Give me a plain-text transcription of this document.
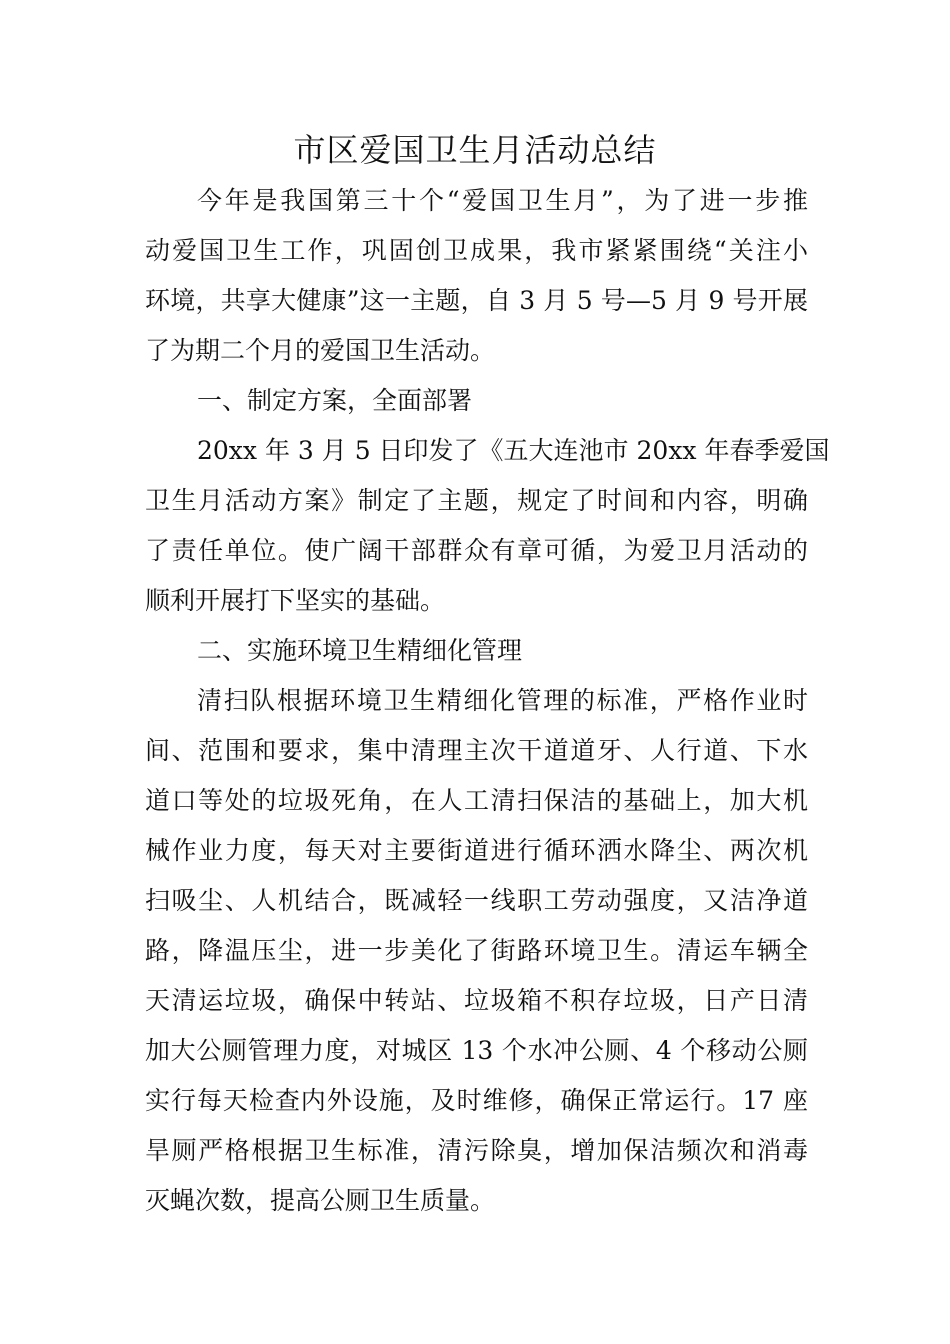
市区爱国卫生月活动总结
今年是我国第三十个“爱国卫生月”，为了进一步推
动爱国卫生工作，巩固创卫成果，我市紧紧围绕“关注小
环境，共享大健康”这一主题，自 3 月 5 号—5 月 9 号开展
了为期二个月的爱国卫生活动。
一、制定方案，全面部署
20xx 年 3 月 5 日印发了《五大连池市 20xx 年春季爱国
卫生月活动方案》制定了主题，规定了时间和内容，明确
了责任单位。使广阔干部群众有章可循，为爱卫月活动的
顺利开展打下坚实的基础。
二、实施环境卫生精细化管理
清扫队根据环境卫生精细化管理的标准，严格作业时
间、范围和要求，集中清理主次干道道牙、人行道、下水
道口等处的垃圾死角，在人工清扫保洁的基础上，加大机
械作业力度，每天对主要街道进行循环洒水降尘、两次机
扫吸尘、人机结合，既减轻一线职工劳动强度，又洁净道
路，降温压尘，进一步美化了街路环境卫生。清运车辆全
天清运垃圾，确保中转站、垃圾箱不积存垃圾，日产日清
加大公厕管理力度，对城区 13 个水冲公厕、4 个移动公厕
实行每天检查内外设施，及时维修，确保正常运行。17 座
旱厕严格根据卫生标准，清污除臭，增加保洁频次和消毒
灭蝇次数，提高公厕卫生质量。
